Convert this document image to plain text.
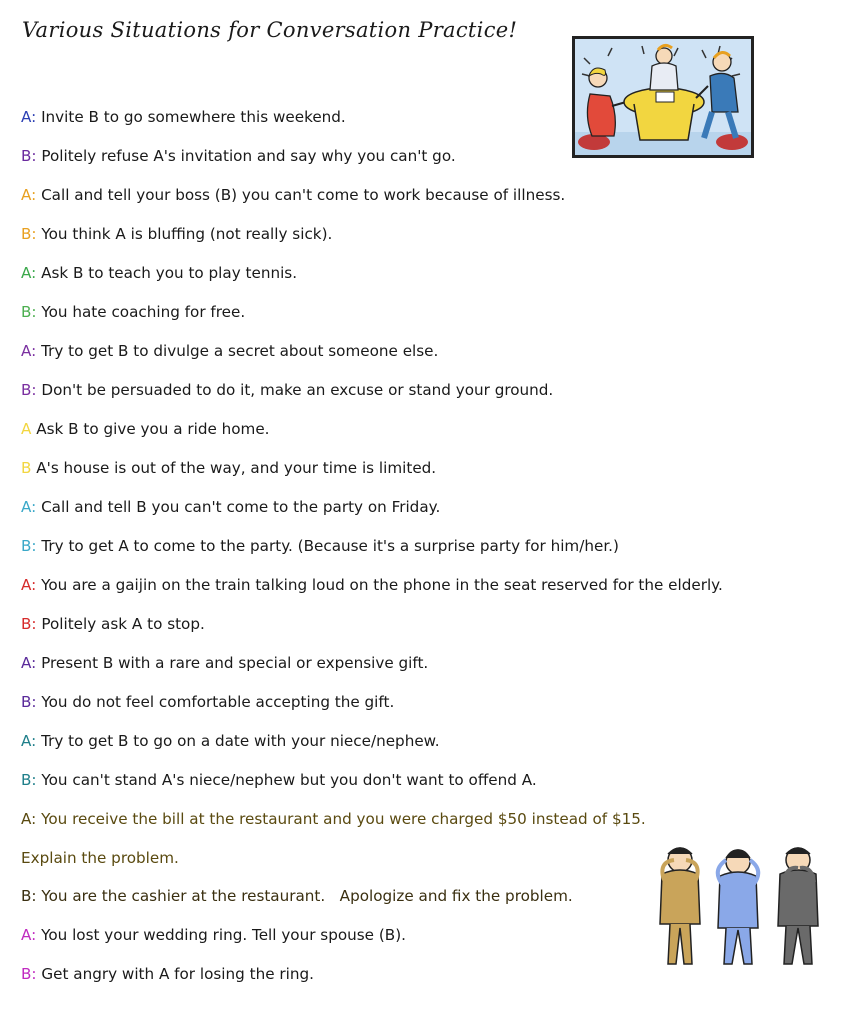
Various Situations for Conversation Practice!
A: Invite B to go somewhere this weekend.
B: Politely refuse A's invitation and say why you can't go.
A: Call and tell your boss (B) you can't come to work because of illness.
B: You think A is bluffing (not really sick).
A: Ask B to teach you to play tennis.
B: You hate coaching for free.
A: Try to get B to divulge a secret about someone else.
B: Don't be persuaded to do it, make an excuse or stand your ground.
A Ask B to give you a ride home.
B A's house is out of the way, and your time is limited.
A: Call and tell B you can't come to the party on Friday.
B: Try to get A to come to the party. (Because it's a surprise party for him/her.)
A: You are a gaijin on the train talking loud on the phone in the seat reserved for the elderly.
B: Politely ask A to stop.
A: Present B with a rare and special or expensive gift.
B: You do not feel comfortable accepting the gift.
A: Try to get B to go on a date with your niece/nephew.
B: You can't stand A's niece/nephew but you don't want to offend A.
A: You receive the bill at the restaurant and you were charged $50 instead of $15.
Explain the problem.
B: You are the cashier at the restaurant.   Apologize and fix the problem.
A: You lost your wedding ring. Tell your spouse (B).
B: Get angry with A for losing the ring.
